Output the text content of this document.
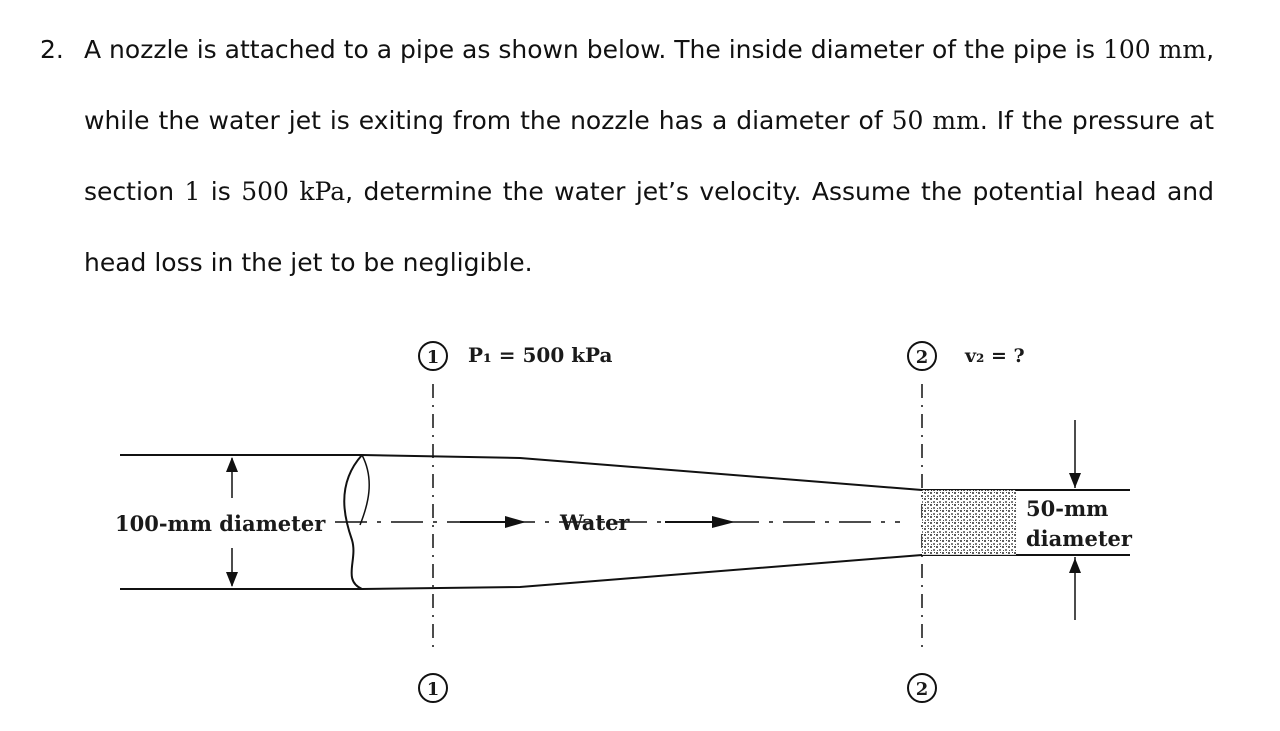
2. A nozzle is attached to a pipe as shown below. The inside diameter of the pipe is 100 mm, while the water jet is exiting from the nozzle has a diameter of 50 mm. If the pressure at section 1 is 500 kPa, determine the water jet’s velocity. Assume the potential head and head loss in the jet to be negligible.
1 P₁ = 500 kPa	2 v₂ = ?
Water
100-mm diameter
50-mm
diameter
1	2
